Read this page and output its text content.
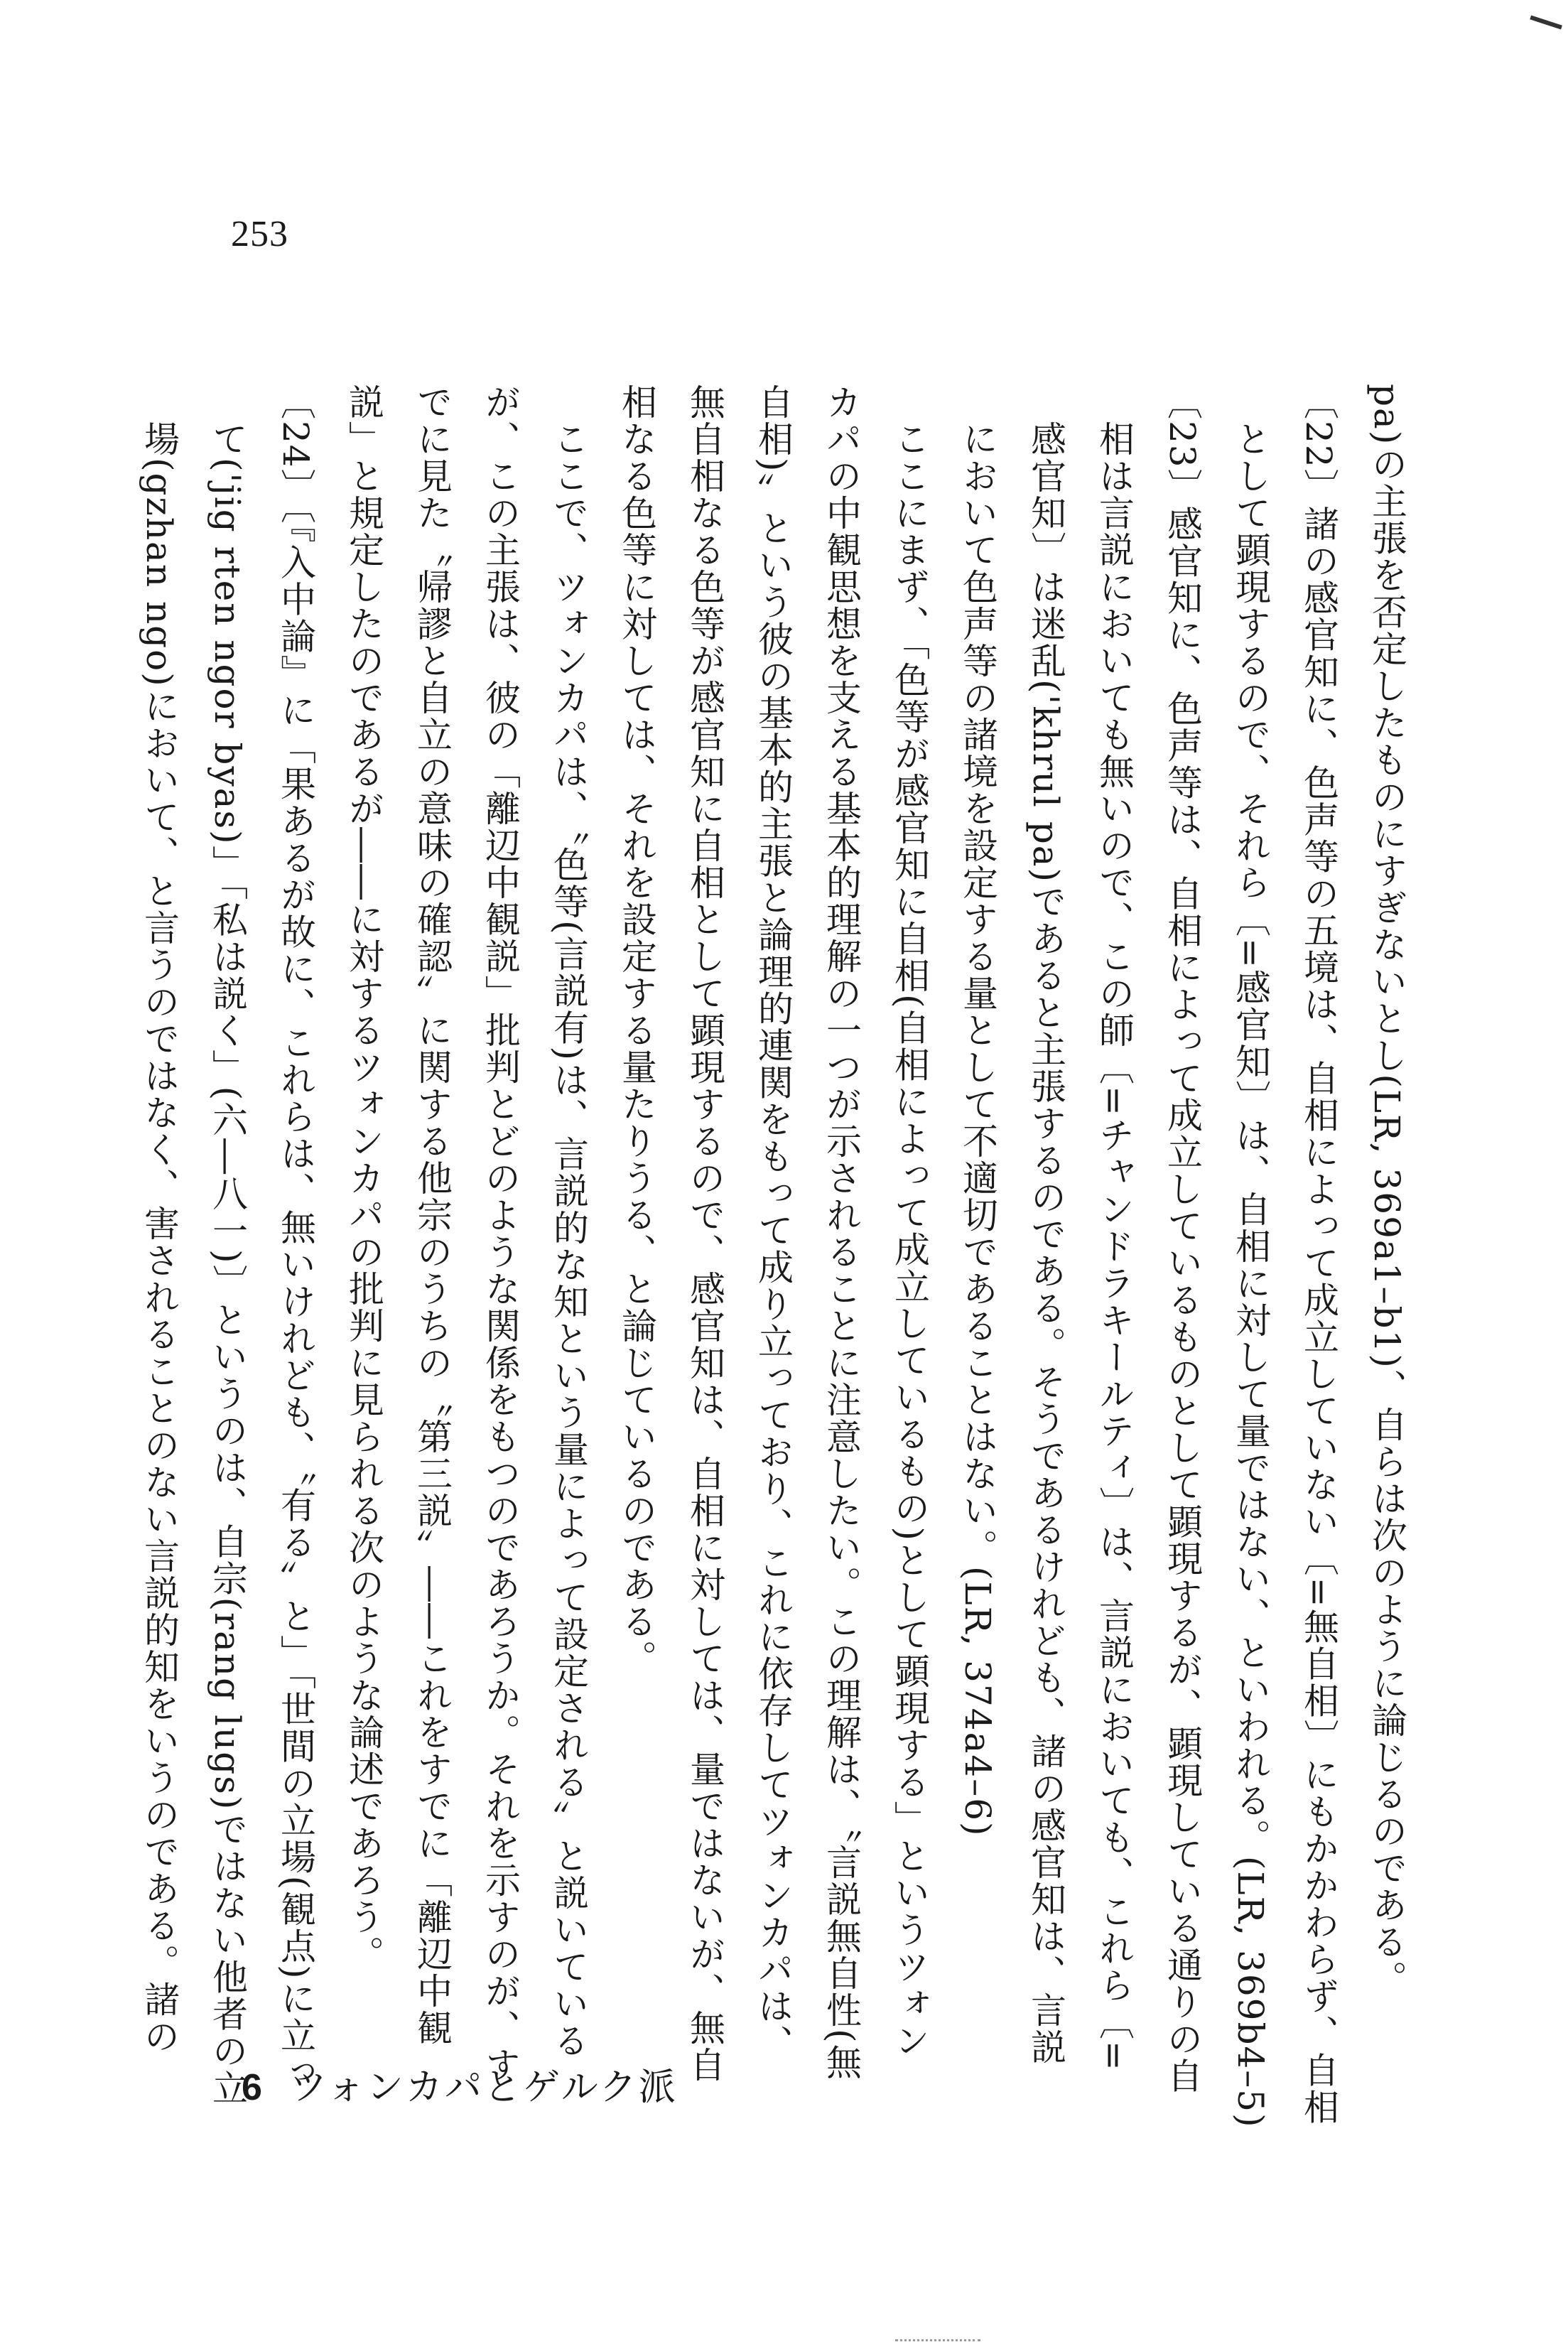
253
pa)の主張を否定したものにすぎないとし(LR, 369a1–b1)、自らは次のように論じるのである。
〔22〕諸の感官知に、色声等の五境は、自相によって成立していない〔=無自相〕にもかかわらず、自相
として顕現するので、それら〔=感官知〕は、自相に対して量ではない、といわれる。(LR, 369b4–5)
〔23〕感官知に、色声等は、自相によって成立しているものとして顕現するが、顕現している通りの自
相は言説においても無いので、この師〔=チャンドラキールティ〕は、言説においても、これら〔=
感官知〕は迷乱('khrul pa)であると主張するのである。そうであるけれども、諸の感官知は、言説
において色声等の諸境を設定する量として不適切であることはない。(LR, 374a4–6)
ここにまず、「色等が感官知に自相(自相によって成立しているもの)として顕現する」というツォン
カパの中観思想を支える基本的理解の一つが示されることに注意したい。この理解は、〝言説無自性(無
自相)〟という彼の基本的主張と論理的連関をもって成り立っており、これに依存してツォンカパは、
無自相なる色等が感官知に自相として顕現するので、感官知は、自相に対しては、量ではないが、無自
相なる色等に対しては、それを設定する量たりうる、と論じているのである。
ここで、ツォンカパは、〝色等(言説有)は、言説的な知という量によって設定される〟と説いている
が、この主張は、彼の「離辺中観説」批判とどのような関係をもつのであろうか。それを示すのが、す
でに見た〝帰謬と自立の意味の確認〟に関する他宗のうちの〝第三説〟――これをすでに「離辺中観
説」と規定したのであるが――に対するツォンカパの批判に見られる次のような論述であろう。
〔24〕〔『入中論』に「果あるが故に、これらは、無いけれども、〝有る〟と」「世間の立場(観点)に立っ
て('jig rten ngor byas)」「私は説く」(六―八一)〕というのは、自宗(rang lugs)ではない他者の立
場(gzhan ngo)において、と言うのではなく、害されることのない言説的知をいうのである。諸の
6 ツォンカパとゲルク派
